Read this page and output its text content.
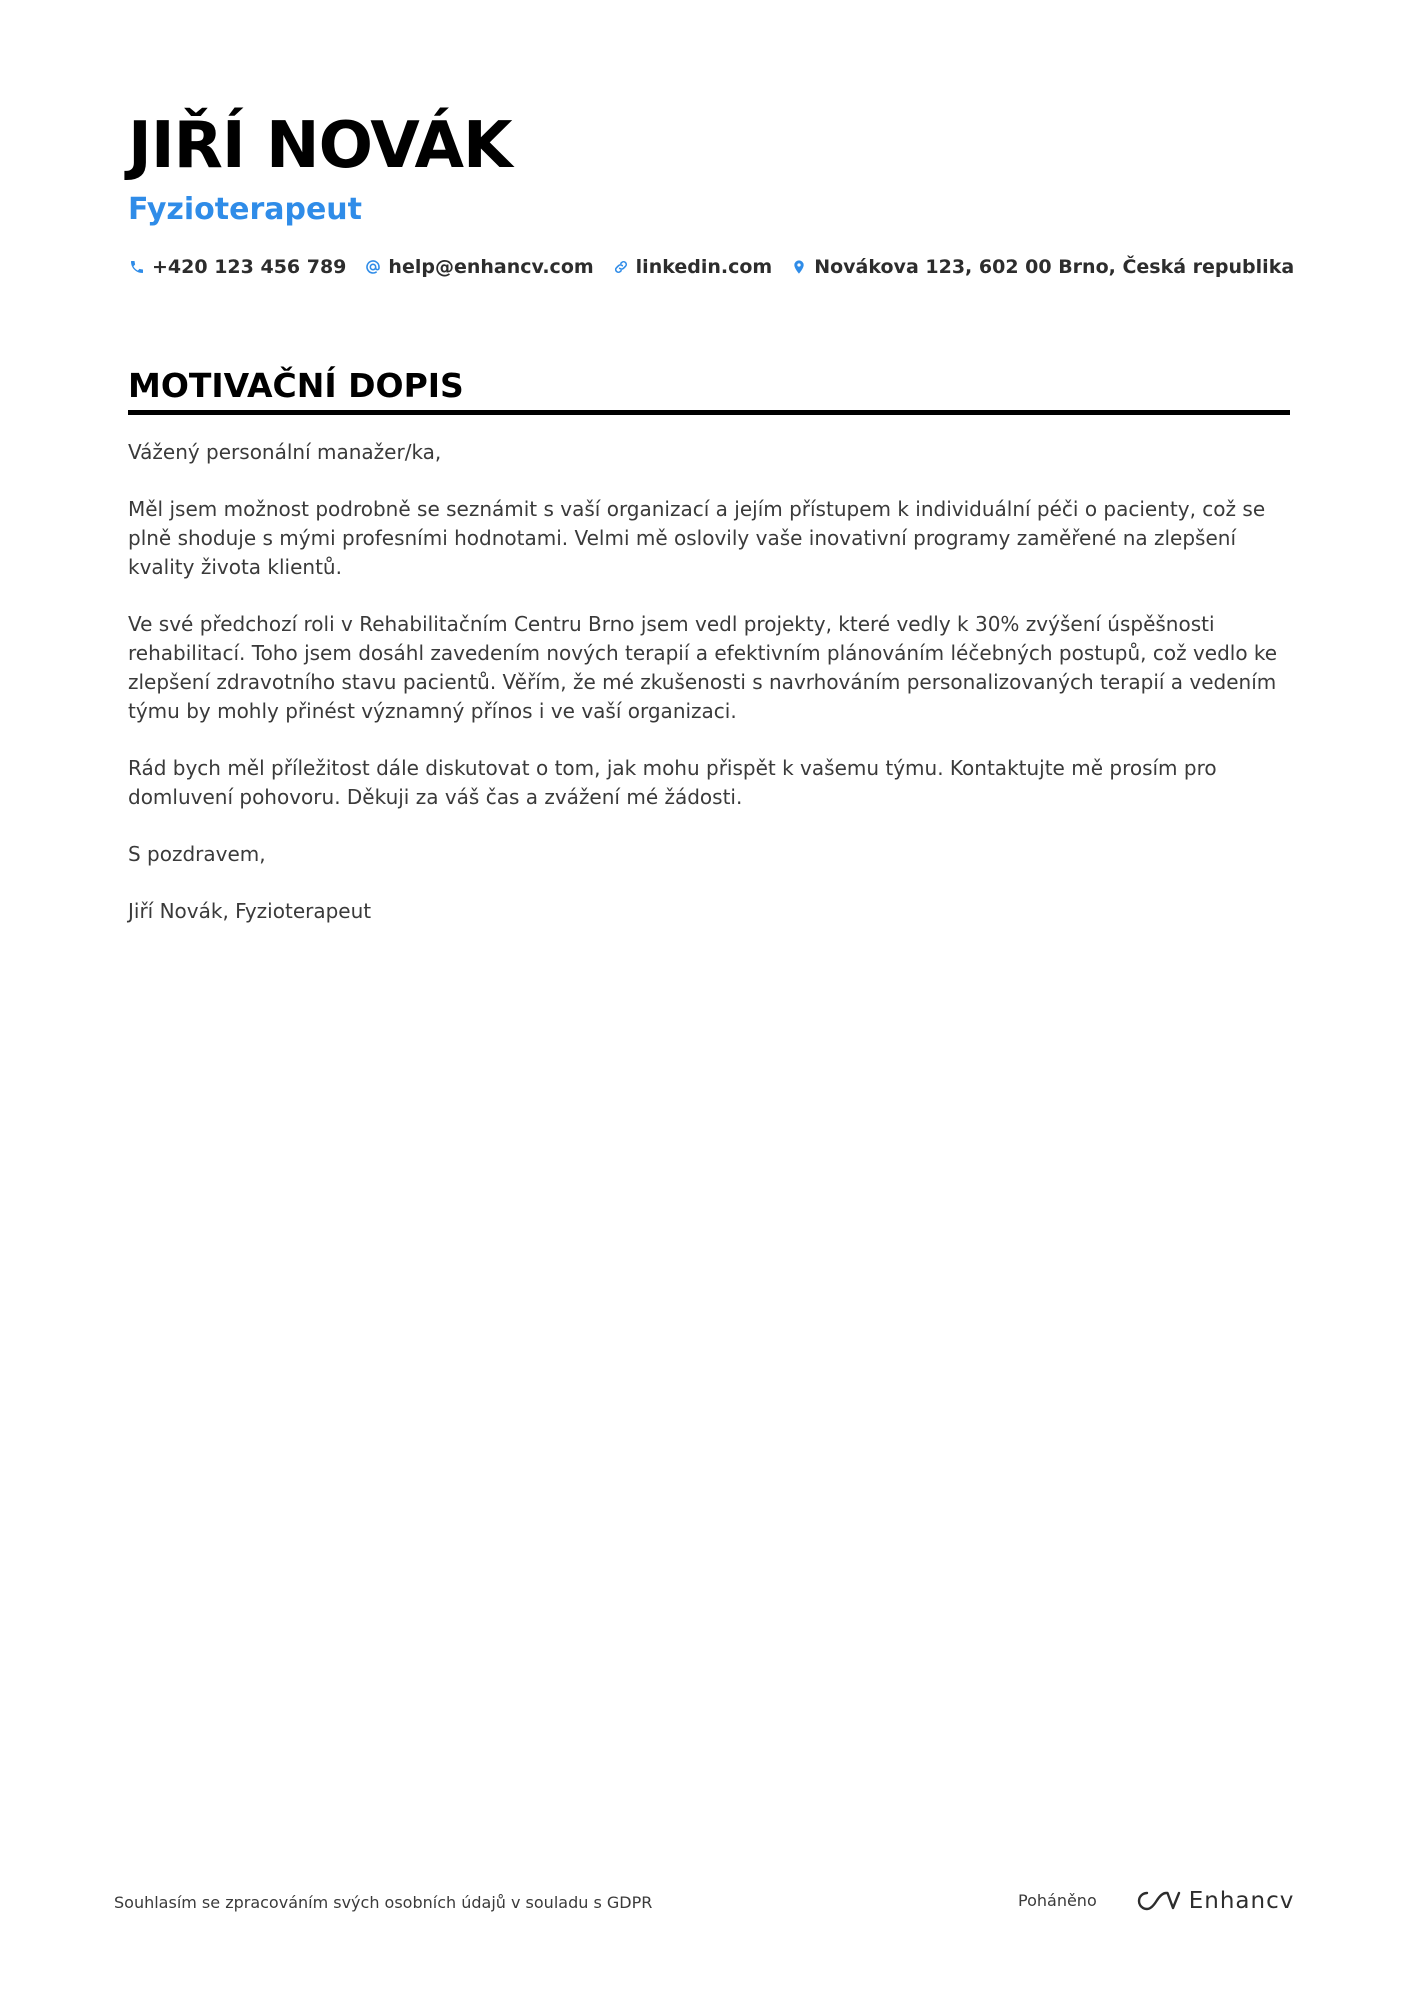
JIŘÍ NOVÁK
Fyzioterapeut
+420 123 456 789 help@enhancv.com linkedin.com Novákova 123, 602 00 Brno, Česká republika
MOTIVAČNÍ DOPIS

Vážený personální manažer/ka,

Měl jsem možnost podrobně se seznámit s vaší organizací a jejím přístupem k individuální péči o pacienty, což se plně shoduje s mými profesními hodnotami. Velmi mě oslovily vaše inovativní programy zaměřené na zlepšení kvality života klientů.

Ve své předchozí roli v Rehabilitačním Centru Brno jsem vedl projekty, které vedly k 30% zvýšení úspěšnosti rehabilitací. Toho jsem dosáhl zavedením nových terapií a efektivním plánováním léčebných postupů, což vedlo ke zlepšení zdravotního stavu pacientů. Věřím, že mé zkušenosti s navrhováním personalizovaných terapií a vedením týmu by mohly přinést významný přínos i ve vaší organizaci.

Rád bych měl příležitost dále diskutovat o tom, jak mohu přispět k vašemu týmu. Kontaktujte mě prosím pro domluvení pohovoru. Děkuji za váš čas a zvážení mé žádosti.

S pozdravem,

Jiří Novák, Fyzioterapeut

Souhlasím se zpracováním svých osobních údajů v souladu s GDPR	Poháněno	Enhancv
